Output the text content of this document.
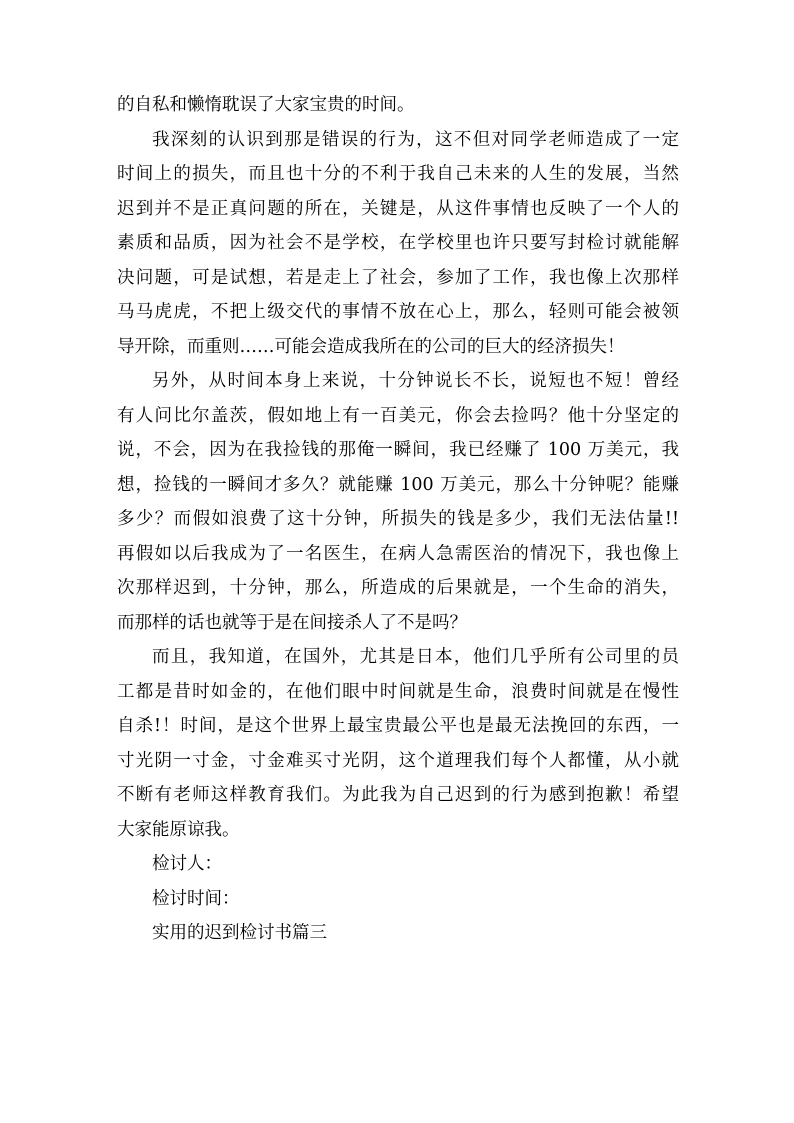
的自私和懒惰耽误了大家宝贵的时间。

我深刻的认识到那是错误的行为，这不但对同学老师造成了一定
时间上的损失，而且也十分的不利于我自己未来的人生的发展，当然
迟到并不是正真问题的所在，关键是，从这件事情也反映了一个人的
素质和品质，因为社会不是学校，在学校里也许只要写封检讨就能解
决问题，可是试想，若是走上了社会，参加了工作，我也像上次那样
马马虎虎，不把上级交代的事情不放在心上，那么，轻则可能会被领
导开除，而重则……可能会造成我所在的公司的巨大的经济损失！

另外，从时间本身上来说，十分钟说长不长，说短也不短！曾经
有人问比尔盖茨，假如地上有一百美元，你会去捡吗？他十分坚定的
说，不会，因为在我捡钱的那俺一瞬间，我已经赚了 100 万美元，我
想，捡钱的一瞬间才多久？就能赚 100 万美元，那么十分钟呢？能赚
多少？而假如浪费了这十分钟，所损失的钱是多少，我们无法估量!!
再假如以后我成为了一名医生，在病人急需医治的情况下，我也像上
次那样迟到，十分钟，那么，所造成的后果就是，一个生命的消失，
而那样的话也就等于是在间接杀人了不是吗？

而且，我知道，在国外，尤其是日本，他们几乎所有公司里的员
工都是昔时如金的，在他们眼中时间就是生命，浪费时间就是在慢性
自杀!！时间，是这个世界上最宝贵最公平也是最无法挽回的东西，一
寸光阴一寸金，寸金难买寸光阴，这个道理我们每个人都懂，从小就
不断有老师这样教育我们。为此我为自己迟到的行为感到抱歉！希望
大家能原谅我。

检讨人：

检讨时间：

实用的迟到检讨书篇三
